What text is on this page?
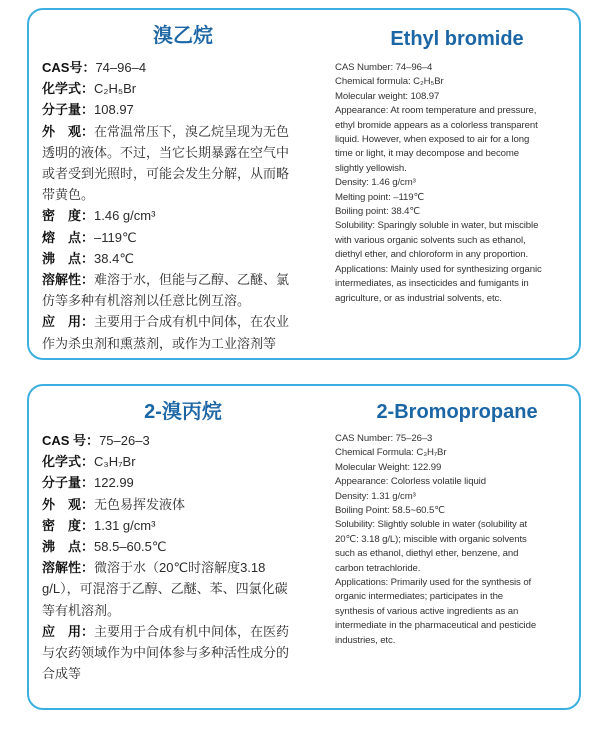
溴乙烷
CAS号：74–96–4
化学式：C₂H₅Br
分子量：108.97
外　观：在常温常压下，溴乙烷呈现为无色
透明的液体。不过，当它长期暴露在空气中
或者受到光照时，可能会发生分解，从而略
带黄色。
密　度：1.46 g/cm³
熔　点：–119℃
沸　点：38.4℃
溶解性：难溶于水，但能与乙醇、乙醚、氯
仿等多种有机溶剂以任意比例互溶。
应　用：主要用于合成有机中间体，在农业
作为杀虫剂和熏蒸剂，或作为工业溶剂等
Ethyl bromide
CAS Number: 74–96–4
Chemical formula: C₂H₅Br
Molecular weight: 108.97
Appearance: At room temperature and pressure,
ethyl bromide appears as a colorless transparent
liquid. However, when exposed to air for a long
time or light, it may decompose and become
slightly yellowish.
Density: 1.46 g/cm³
Melting point: –119℃
Boiling point: 38.4℃
Solubility: Sparingly soluble in water, but miscible
with various organic solvents such as ethanol,
diethyl ether, and chloroform in any proportion.
Applications: Mainly used for synthesizing organic
intermediates, as insecticides and fumigants in
agriculture, or as industrial solvents, etc.
2-溴丙烷
CAS 号：75–26–3
化学式：C₃H₇Br
分子量：122.99
外　观：无色易挥发液体
密　度：1.31 g/cm³
沸　点：58.5–60.5℃
溶解性：微溶于水（20℃时溶解度3.18
g/L），可混溶于乙醇、乙醚、苯、四氯化碳
等有机溶剂。
应　用：主要用于合成有机中间体，在医药
与农药领域作为中间体参与多种活性成分的
合成等
2-Bromopropane
CAS Number: 75–26–3
Chemical Formula: C₃H₇Br
Molecular Weight: 122.99
Appearance: Colorless volatile liquid
Density: 1.31 g/cm³
Boiling Point: 58.5~60.5℃
Solubility: Slightly soluble in water (solubility at
20℃: 3.18 g/L); miscible with organic solvents
such as ethanol, diethyl ether, benzene, and
carbon tetrachloride.
Applications: Primarily used for the synthesis of
organic intermediates; participates in the
synthesis of various active ingredients as an
intermediate in the pharmaceutical and pesticide
industries, etc.
